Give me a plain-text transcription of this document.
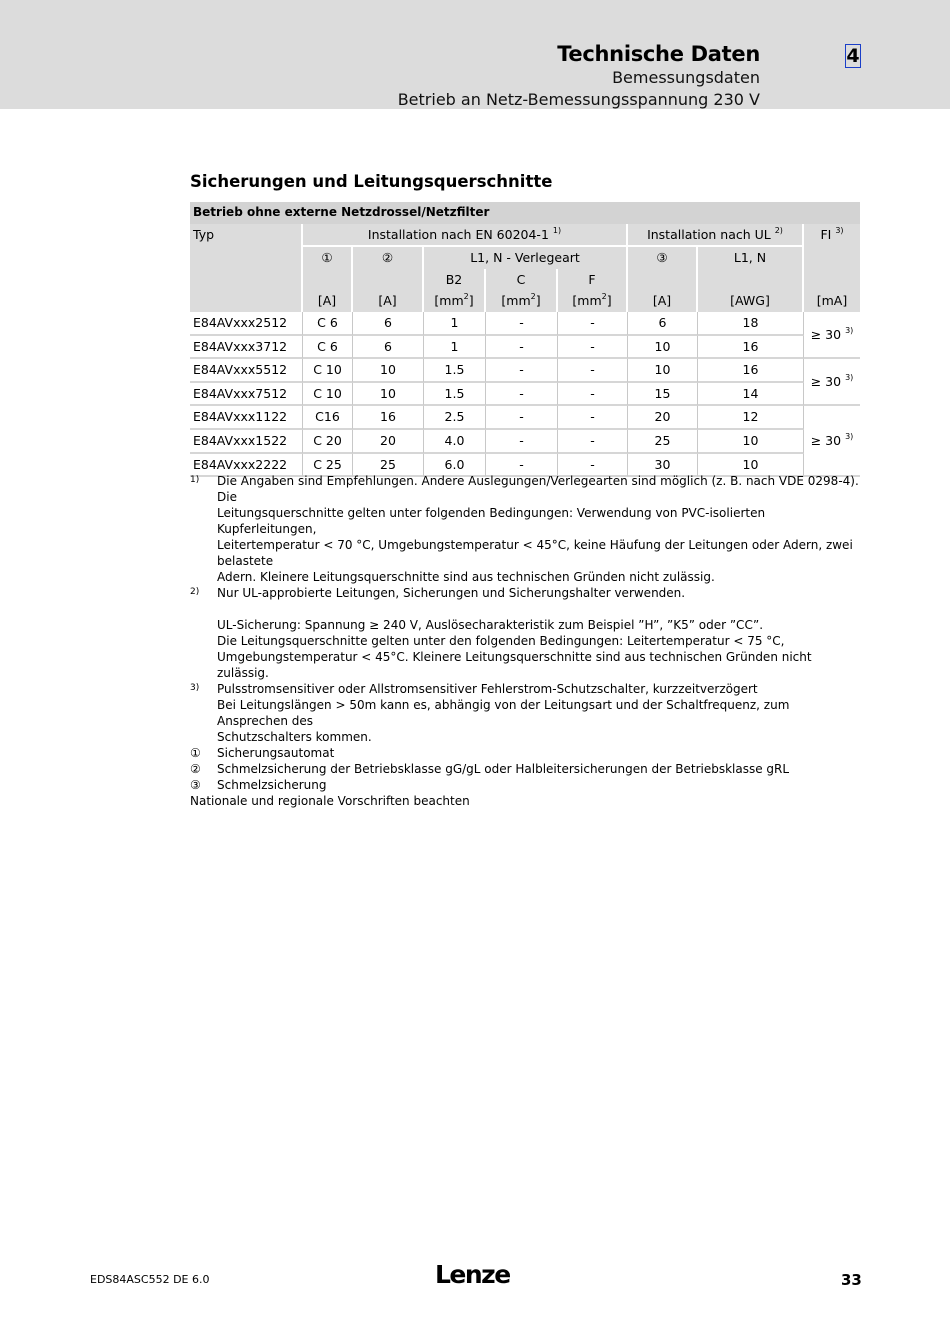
Technische Daten
Bemessungsdaten
Betrieb an Netz-Bemessungsspannung 230 V
4
Sicherungen und Leitungsquerschnitte
Betrieb ohne externe Netzdrossel/Netzfilter								
Typ	Installation nach EN 60204-1 $^{1)}$					Installation nach UL $^{2)}$		FI $^{3)}$
	①	②	L1, N - Verlegeart			③	L1, N	
			B2	C	F			
	[A]	[A]	$[mm^2]$	$[mm^2]$	$[mm^2]$	[A]	[AWG]	[mA]
E84AVxxx2512	C 6	6	1	-	-	6	18	≥ 30 $^{3)}$
E84AVxxx3712	C 6	6	1	-	-	10	16	
E84AVxxx5512	C 10	10	1.5	-	-	10	16	≥ 30 $^{3)}$
E84AVxxx7512	C 10	10	1.5	-	-	15	14	
E84AVxxx1122	C16	16	2.5	-	-	20	12	≥ 30 $^{3)}$
E84AVxxx1522	C 20	20	4.0	-	-	25	10	
E84AVxxx2222	C 25	25	6.0	-	-	30	10	
1) Die Angaben sind Empfehlungen. Andere Auslegungen/Verlegearten sind möglich (z. B. nach VDE 0298-4). Die
Leitungsquerschnitte gelten unter folgenden Bedingungen: Verwendung von PVC-isolierten Kupferleitungen,
Leitertemperatur < 70 °C, Umgebungstemperatur < 45°C, keine Häufung der Leitungen oder Adern, zwei belastete
Adern. Kleinere Leitungsquerschnitte sind aus technischen Gründen nicht zulässig.
2) Nur UL-approbierte Leitungen, Sicherungen und Sicherungshalter verwenden.
UL-Sicherung: Spannung ≥ 240 V, Auslösecharakteristik zum Beispiel ”H”, ”K5” oder ”CC”.
Die Leitungsquerschnitte gelten unter den folgenden Bedingungen: Leitertemperatur < 75 °C,
Umgebungstemperatur < 45°C. Kleinere Leitungsquerschnitte sind aus technischen Gründen nicht zulässig.
3) Pulsstromsensitiver oder Allstromsensitiver Fehlerstrom-Schutzschalter, kurzzeitverzögert
Bei Leitungslängen > 50m kann es, abhängig von der Leitungsart und der Schaltfrequenz, zum Ansprechen des
Schutzschalters kommen.
① Sicherungsautomat
② Schmelzsicherung der Betriebsklasse gG/gL oder Halbleitersicherungen der Betriebsklasse gRL
③ Schmelzsicherung
Nationale und regionale Vorschriften beachten
EDS84ASC552 DE 6.0	Lenze	33
